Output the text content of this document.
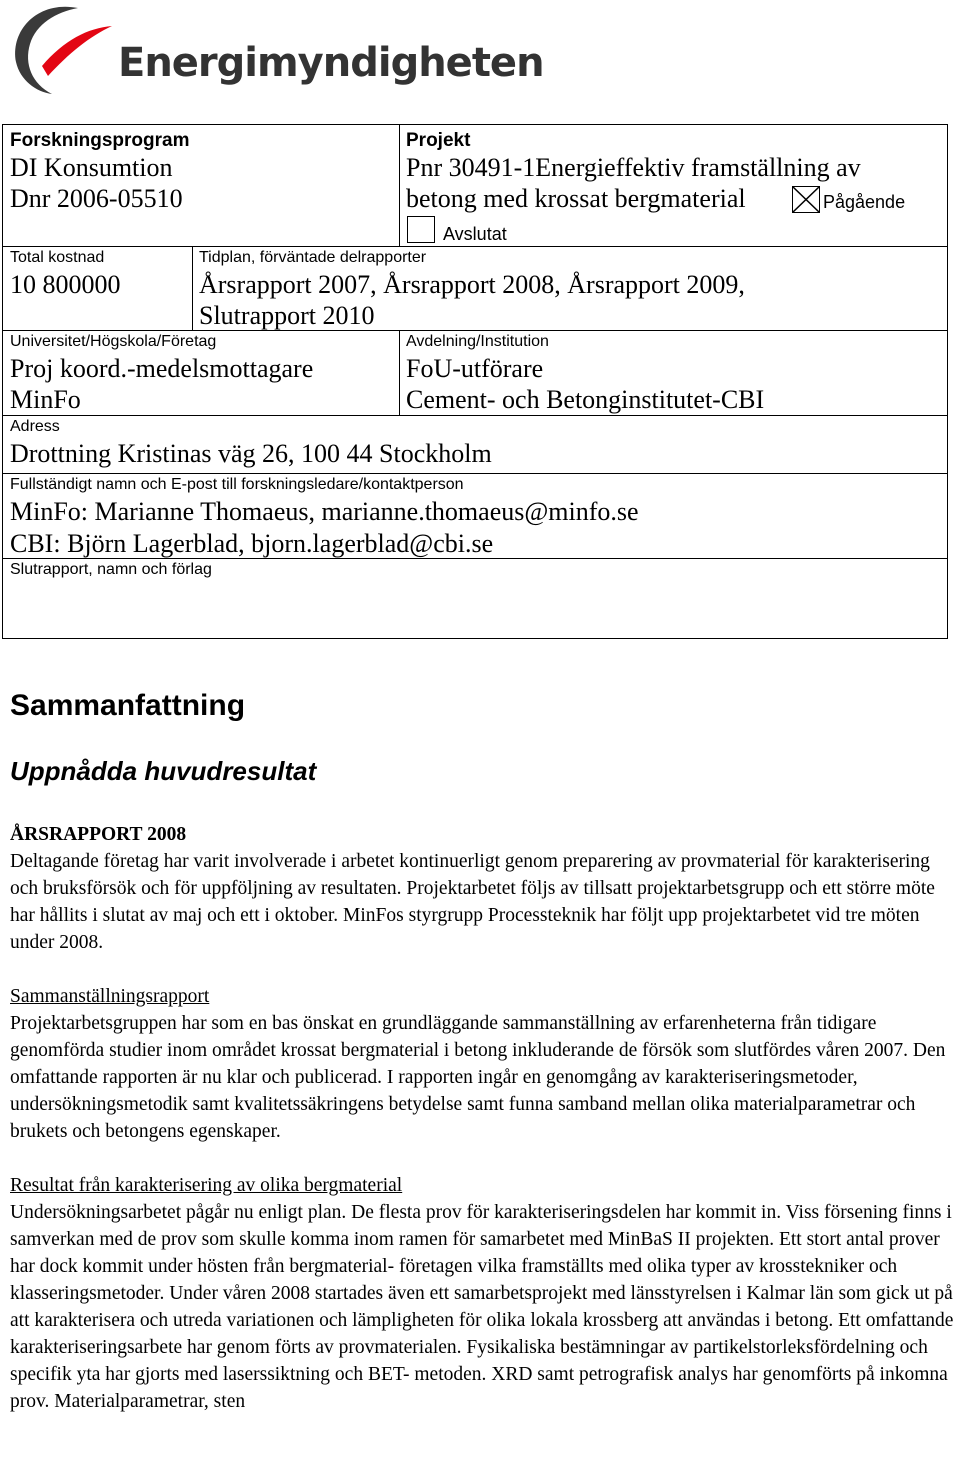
Energimyndigheten
Forskningsprogram
DI Konsumtion
Dnr 2006-05510
Projekt
Pnr 30491-1Energieffektiv framställning av
betong med krossat bergmaterial	Pågående
Avslutat
Total kostnad
10 800000
Tidplan, förväntade delrapporter
Årsrapport 2007, Årsrapport 2008, Årsrapport 2009,
Slutrapport 2010
Universitet/Högskola/Företag
Proj koord.-medelsmottagare
MinFo
Avdelning/Institution
FoU-utförare
Cement- och Betonginstitutet-CBI
Adress
Drottning Kristinas väg 26, 100 44 Stockholm
Fullständigt namn och E-post till forskningsledare/kontaktperson
MinFo: Marianne Thomaeus, marianne.thomaeus@minfo.se
CBI: Björn Lagerblad, bjorn.lagerblad@cbi.se
Slutrapport, namn och förlag
Sammanfattning
Uppnådda huvudresultat

ÅRSRAPPORT 2008

Deltagande företag har varit involverade i arbetet kontinuerligt genom preparering av provmaterial för karakterisering och bruksförsök och för uppföljning av resultaten. Projektarbetet följs av tillsatt projektarbetsgrupp och ett större möte har hållits i slutat av maj och ett i oktober. MinFos styrgrupp Processteknik har följt upp projektarbetet vid tre möten under 2008.

Sammanställningsrapport

Projektarbetsgruppen har som en bas önskat en grundläggande sammanställning av erfarenheterna från tidigare genomförda studier inom området krossat bergmaterial i betong inkluderande de försök som slutfördes våren 2007. Den omfattande rapporten är nu klar och publicerad. I rapporten ingår en genomgång av karakteriseringsmetoder, undersökningsmetodik samt kvalitetssäkringens betydelse samt funna samband mellan olika materialparametrar och brukets och betongens egenskaper.

Resultat från karakterisering av olika bergmaterial

Undersökningsarbetet pågår nu enligt plan. De flesta prov för karakteriseringsdelen har kommit in. Viss försening finns i samverkan med de prov som skulle komma inom ramen för samarbetet med MinBaS II projekten. Ett stort antal prover har dock kommit under hösten från bergmaterial- företagen vilka framställts med olika typer av krosstekniker och klasseringsmetoder. Under våren 2008 startades även ett samarbetsprojekt med länsstyrelsen i Kalmar län som gick ut på att karakterisera och utreda variationen och lämpligheten för olika lokala krossberg att användas i betong. Ett omfattande karakteriseringsarbete har genom förts av provmaterialen. Fysikaliska bestämningar av partikelstorleksfördelning och specifik yta har gjorts med laserssiktning och BET- metoden. XRD samt petrografisk analys har genomförts på inkomna prov. Materialparametrar, sten
